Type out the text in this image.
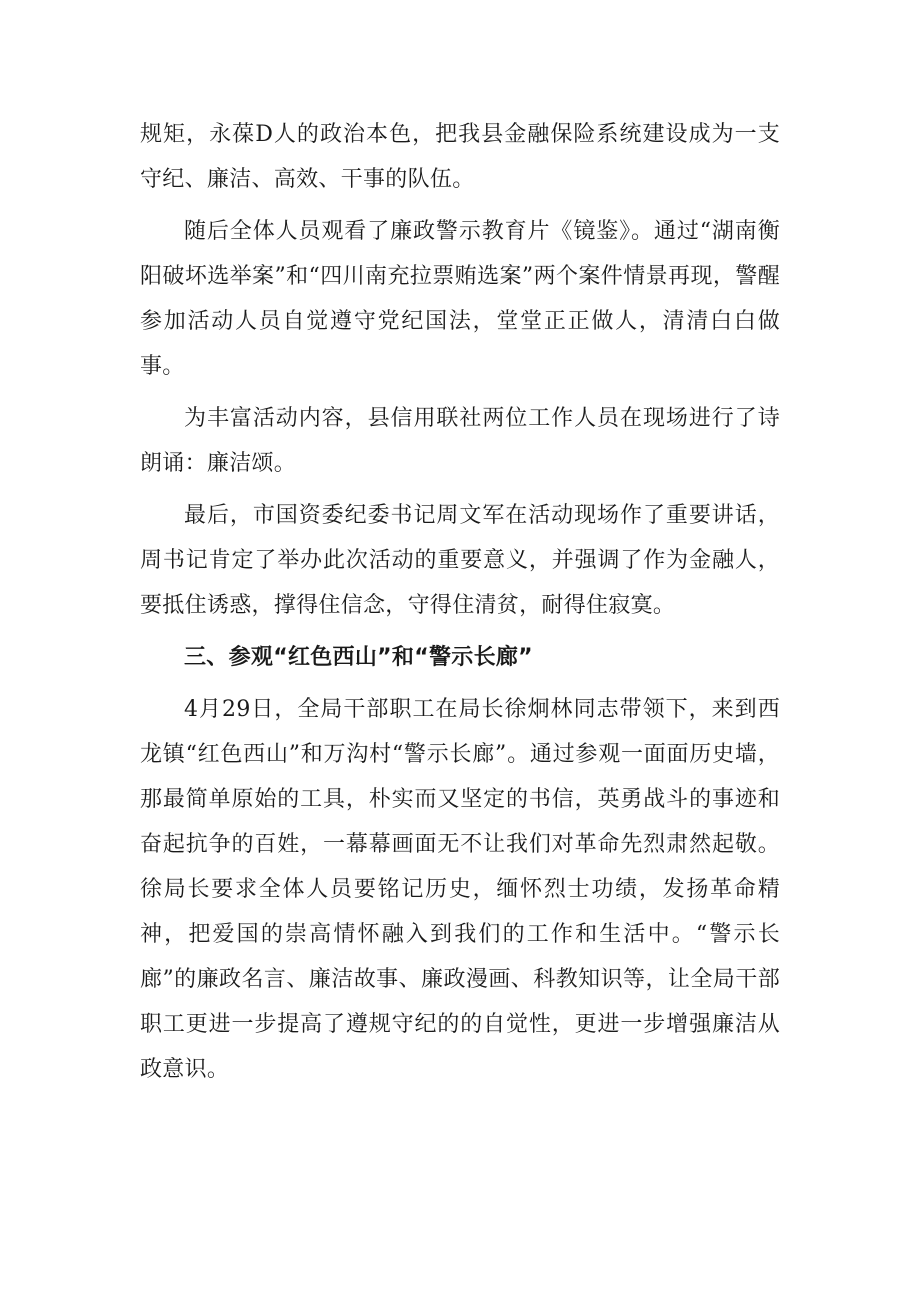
规矩，永葆D人的政治本色，把我县金融保险系统建设成为一支守纪、廉洁、高效、干事的队伍。

随后全体人员观看了廉政警示教育片《镜鉴》。通过“湖南衡阳破坏选举案”和“四川南充拉票贿选案”两个案件情景再现，警醒参加活动人员自觉遵守党纪国法，堂堂正正做人，清清白白做事。

为丰富活动内容，县信用联社两位工作人员在现场进行了诗朗诵：廉洁颂。

最后，市国资委纪委书记周文军在活动现场作了重要讲话，周书记肯定了举办此次活动的重要意义，并强调了作为金融人，要抵住诱惑，撑得住信念，守得住清贫，耐得住寂寞。

三、参观“红色西山”和“警示长廊”

4月29日，全局干部职工在局长徐炯林同志带领下，来到西龙镇“红色西山”和万沟村“警示长廊”。通过参观一面面历史墙，那最简单原始的工具，朴实而又坚定的书信，英勇战斗的事迹和奋起抗争的百姓，一幕幕画面无不让我们对革命先烈肃然起敬。徐局长要求全体人员要铭记历史，缅怀烈士功绩，发扬革命精神，把爱国的崇高情怀融入到我们的工作和生活中。“警示长廊”的廉政名言、廉洁故事、廉政漫画、科教知识等，让全局干部职工更进一步提高了遵规守纪的的自觉性，更进一步增强廉洁从政意识。
